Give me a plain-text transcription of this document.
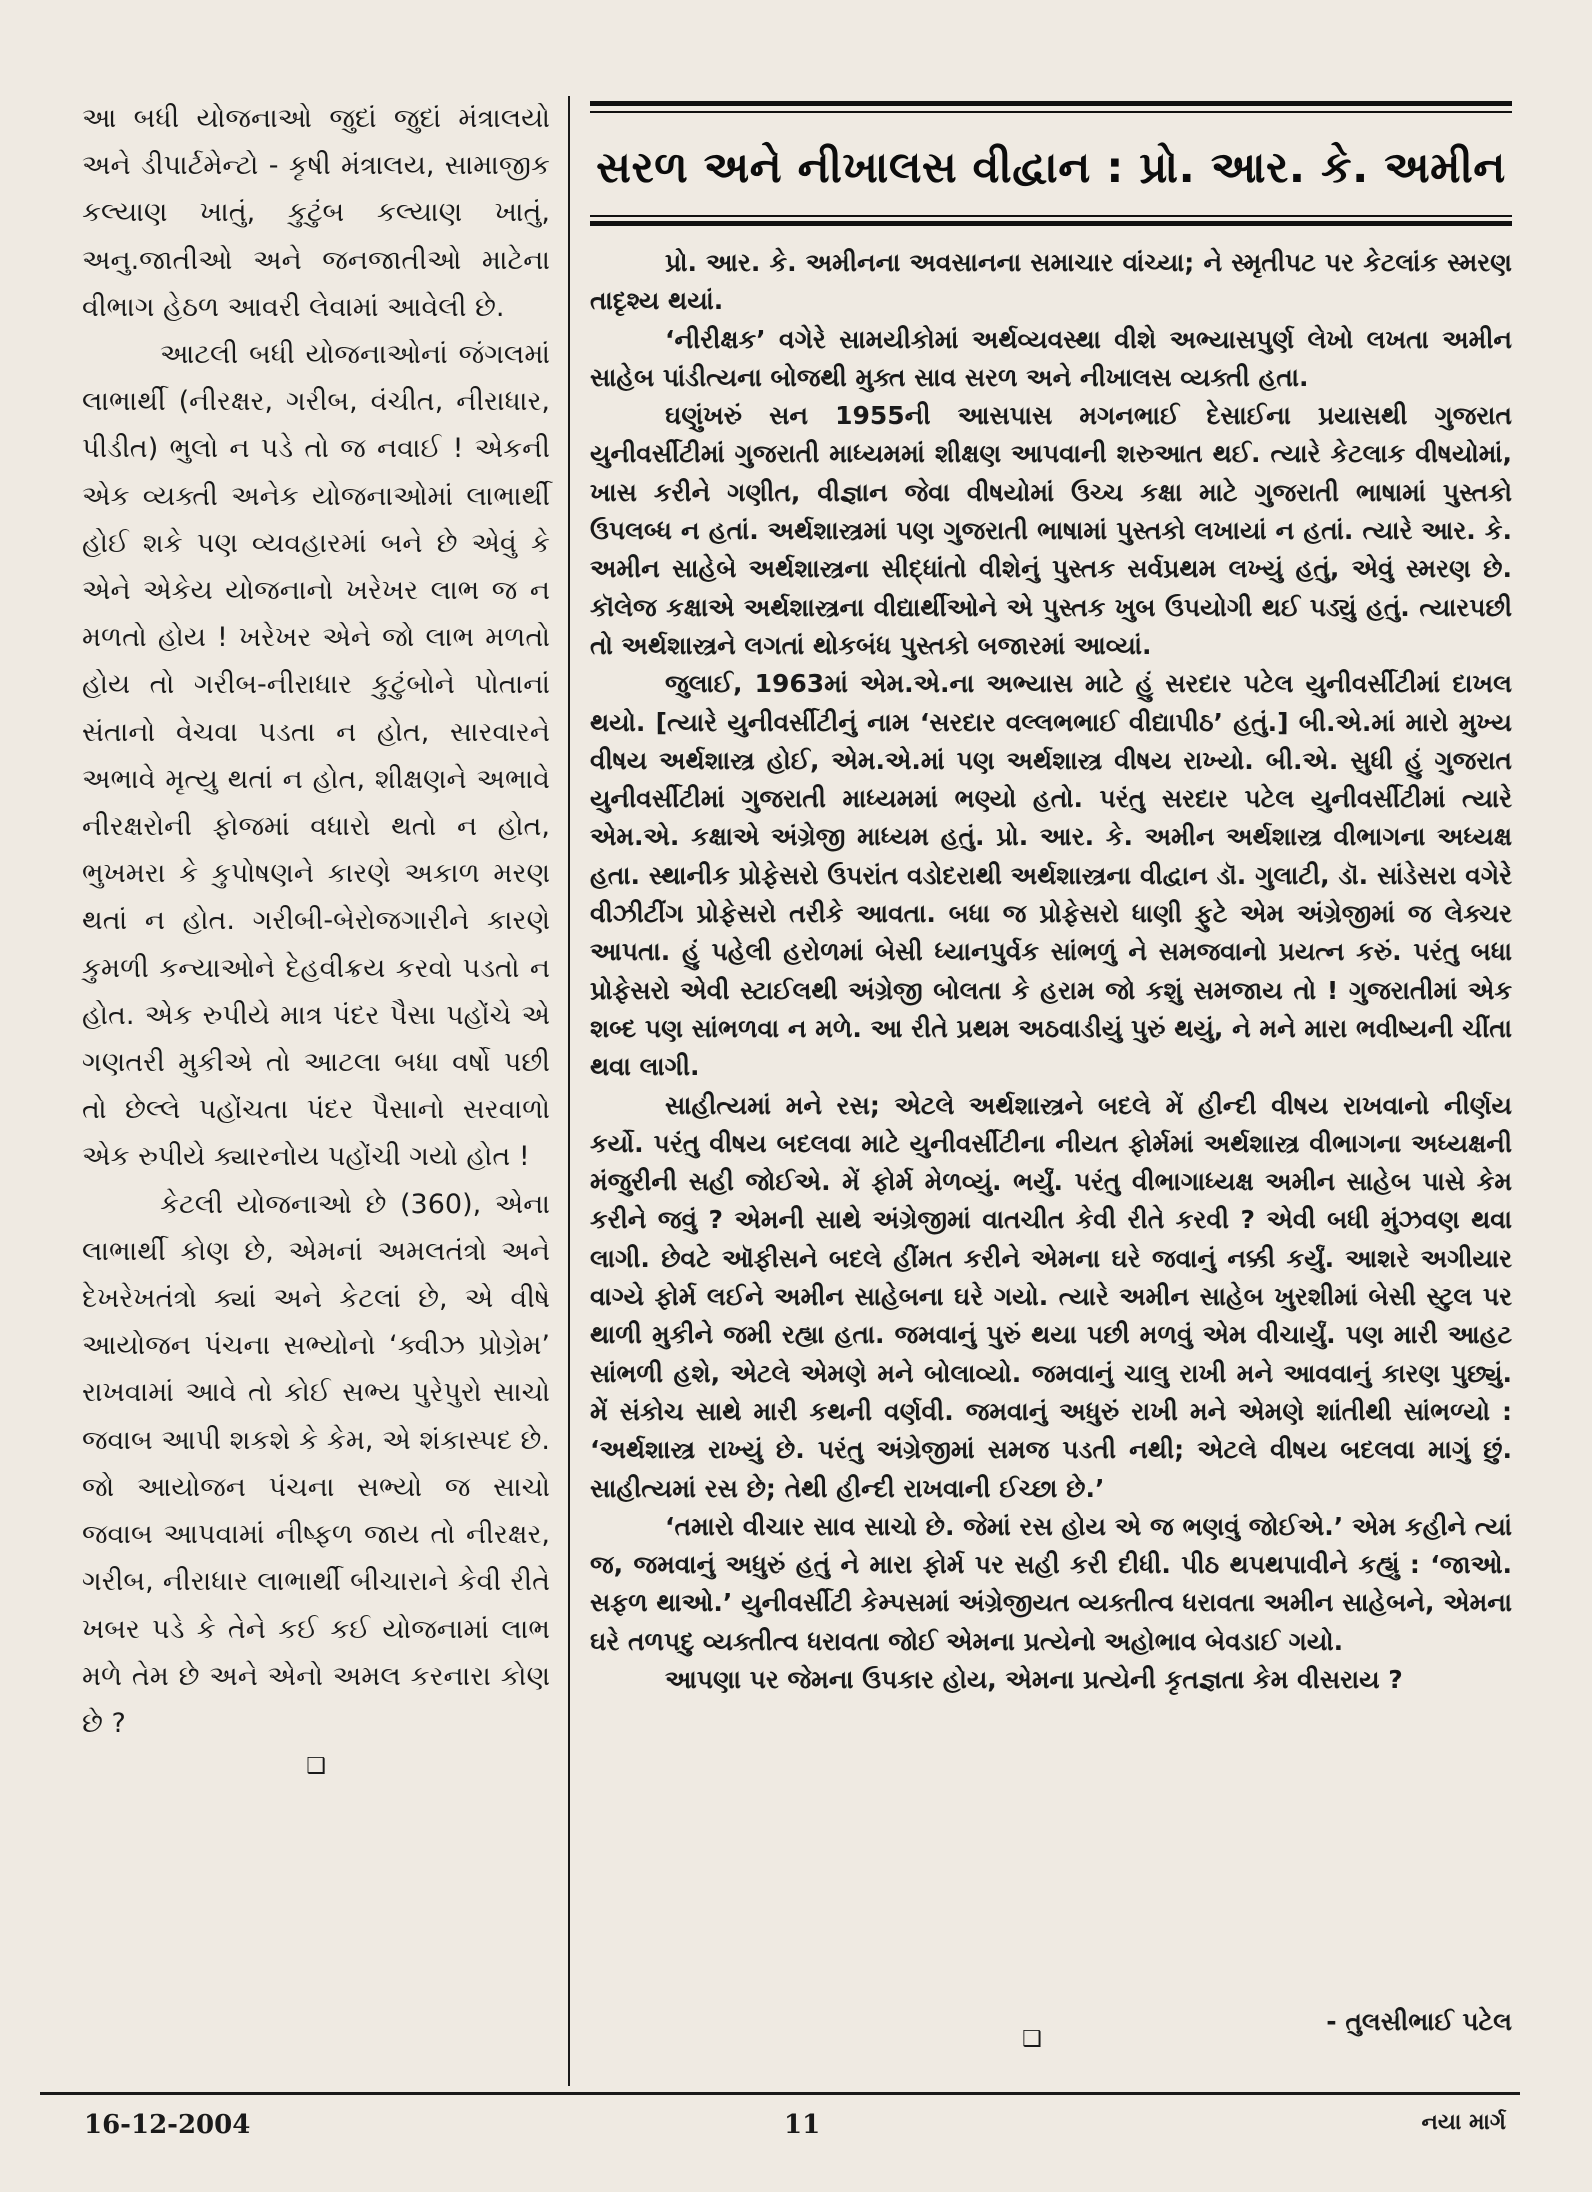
આ બધી યોજનાઓ જુદાં જુદાં મંત્રાલયો અને ડીપાર્ટમેન્ટો - કૃષી મંત્રાલય, સામાજીક કલ્યાણ ખાતું, કુટુંબ કલ્યાણ ખાતું, અનુ.જાતીઓ અને જનજાતીઓ માટેના વીભાગ હેઠળ આવરી લેવામાં આવેલી છે.

આટલી બધી યોજનાઓનાં જંગલમાં લાભાર્થી (નીરક્ષર, ગરીબ, વંચીત, નીરાધાર, પીડીત) ભુલો ન પડે તો જ નવાઈ ! એકની એક વ્યક્તી અનેક યોજનાઓમાં લાભાર્થી હોઈ શકે પણ વ્યવહારમાં બને છે એવું કે એને એકેય યોજનાનો ખરેખર લાભ જ ન મળતો હોય ! ખરેખર એને જો લાભ મળતો હોય તો ગરીબ-નીરાધાર કુટુંબોને પોતાનાં સંતાનો વેચવા પડતા ન હોત, સારવારને અભાવે મૃત્યુ થતાં ન હોત, શીક્ષણને અભાવે નીરક્ષરોની ફોજમાં વધારો થતો ન હોત, ભુખમરા કે કુપોષણને કારણે અકાળ મરણ થતાં ન હોત. ગરીબી-બેરોજગારીને કારણે કુમળી કન્યાઓને દેહવીક્રય કરવો પડતો ન હોત. એક રુપીયે માત્ર પંદર પૈસા પહોંચે એ ગણતરી મુકીએ તો આટલા બધા વર્ષો પછી તો છેલ્લે પહોંચતા પંદર પૈસાનો સરવાળો એક રુપીયે ક્યારનોય પહોંચી ગયો હોત !

કેટલી યોજનાઓ છે (360), એના લાભાર્થી કોણ છે, એમનાં અમલતંત્રો અને દેખરેખતંત્રો ક્યાં અને કેટલાં છે, એ વીષે આયોજન પંચના સભ્યોનો ‘ક્વીઝ પ્રોગ્રેમ’ રાખવામાં આવે તો કોઈ સભ્ય પુરેપુરો સાચો જવાબ આપી શકશે કે કેમ, એ શંકાસ્પદ છે. જો આયોજન પંચના સભ્યો જ સાચો જવાબ આપવામાં નીષ્ફળ જાય તો નીરક્ષર, ગરીબ, નીરાધાર લાભાર્થી બીચારાને કેવી રીતે ખબર પડે કે તેને કઈ કઈ યોજનામાં લાભ મળે તેમ છે અને એનો અમલ કરનારા કોણ છે ?

❑
સરળ અને નીખાલસ વીદ્વાન : પ્રો. આર. કે. અમીન

પ્રો. આર. કે. અમીનના અવસાનના સમાચાર વાંચ્યા; ને સ્મૃતીપટ પર કેટલાંક સ્મરણ તાદૃશ્ય થયાં.

‘નીરીક્ષક’ વગેરે સામયીકોમાં અર્થવ્યવસ્થા વીશે અભ્યાસપુર્ણ લેખો લખતા અમીન સાહેબ પાંડીત્યના બોજથી મુક્ત સાવ સરળ અને નીખાલસ વ્યક્તી હતા.

ઘણુંખરું સન 1955ની આસપાસ મગનભાઈ દેસાઈના પ્રયાસથી ગુજરાત યુનીવર્સીટીમાં ગુજરાતી માધ્યમમાં શીક્ષણ આપવાની શરુઆત થઈ. ત્યારે કેટલાક વીષયોમાં, ખાસ કરીને ગણીત, વીજ્ઞાન જેવા વીષયોમાં ઉચ્ચ કક્ષા માટે ગુજરાતી ભાષામાં પુસ્તકો ઉપલબ્ધ ન હતાં. અર્થશાસ્ત્રમાં પણ ગુજરાતી ભાષામાં પુસ્તકો લખાયાં ન હતાં. ત્યારે આર. કે. અમીન સાહેબે અર્થશાસ્ત્રના સીદ્ધાંતો વીશેનું પુસ્તક સર્વપ્રથમ લખ્યું હતું, એવું સ્મરણ છે. કૉલેજ કક્ષાએ અર્થશાસ્ત્રના વીદ્યાર્થીઓને એ પુસ્તક ખુબ ઉપયોગી થઈ પડ્યું હતું. ત્યારપછી તો અર્થશાસ્ત્રને લગતાં થોકબંધ પુસ્તકો બજારમાં આવ્યાં.

જુલાઈ, 1963માં એમ.એ.ના અભ્યાસ માટે હું સરદાર પટેલ યુનીવર્સીટીમાં દાખલ થયો. [ત્યારે યુનીવર્સીટીનું નામ ‘સરદાર વલ્લભભાઈ વીદ્યાપીઠ’ હતું.] બી.એ.માં મારો મુખ્ય વીષય અર્થશાસ્ત્ર હોઈ, એમ.એ.માં પણ અર્થશાસ્ત્ર વીષય રાખ્યો. બી.એ. સુધી હું ગુજરાત યુનીવર્સીટીમાં ગુજરાતી માધ્યમમાં ભણ્યો હતો. પરંતુ સરદાર પટેલ યુનીવર્સીટીમાં ત્યારે એમ.એ. કક્ષાએ અંગ્રેજી માધ્યમ હતું. પ્રો. આર. કે. અમીન અર્થશાસ્ત્ર વીભાગના અધ્યક્ષ હતા. સ્થાનીક પ્રોફેસરો ઉપરાંત વડોદરાથી અર્થશાસ્ત્રના વીદ્વાન ડૉ. ગુલાટી, ડૉ. સાંડેસરા વગેરે વીઝીટીંગ પ્રોફેસરો તરીકે આવતા. બધા જ પ્રોફેસરો ધાણી ફુટે એમ અંગ્રેજીમાં જ લેક્ચર આપતા. હું પહેલી હરોળમાં બેસી ધ્યાનપુર્વક સાંભળું ને સમજવાનો પ્રયત્ન કરું. પરંતુ બધા પ્રોફેસરો એવી સ્ટાઈલથી અંગ્રેજી બોલતા કે હરામ જો કશું સમજાય તો ! ગુજરાતીમાં એક શબ્દ પણ સાંભળવા ન મળે. આ રીતે પ્રથમ અઠવાડીયું પુરું થયું, ને મને મારા ભવીષ્યની ચીંતા થવા લાગી.

સાહીત્યમાં મને રસ; એટલે અર્થશાસ્ત્રને બદલે મેં હીન્દી વીષય રાખવાનો નીર્ણય કર્યો. પરંતુ વીષય બદલવા માટે યુનીવર્સીટીના નીયત ફોર્મમાં અર્થશાસ્ત્ર વીભાગના અધ્યક્ષની મંજુરીની સહી જોઈએ. મેં ફોર્મ મેળવ્યું. ભર્યું. પરંતુ વીભાગાધ્યક્ષ અમીન સાહેબ પાસે કેમ કરીને જવું ? એમની સાથે અંગ્રેજીમાં વાતચીત કેવી રીતે કરવી ? એવી બધી મુંઝવણ થવા લાગી. છેવટે ઑફીસને બદલે હીંમત કરીને એમના ઘરે જવાનું નક્કી કર્યું. આશરે અગીયાર વાગ્યે ફોર્મ લઈને અમીન સાહેબના ઘરે ગયો. ત્યારે અમીન સાહેબ ખુરશીમાં બેસી સ્ટુલ પર થાળી મુકીને જમી રહ્યા હતા. જમવાનું પુરું થયા પછી મળવું એમ વીચાર્યું. પણ મારી આહટ સાંભળી હશે, એટલે એમણે મને બોલાવ્યો. જમવાનું ચાલુ રાખી મને આવવાનું કારણ પુછ્યું. મેં સંકોચ સાથે મારી કથની વર્ણવી. જમવાનું અધુરું રાખી મને એમણે શાંતીથી સાંભળ્યો : ‘અર્થશાસ્ત્ર રાખ્યું છે. પરંતુ અંગ્રેજીમાં સમજ પડતી નથી; એટલે વીષય બદલવા માગું છું. સાહીત્યમાં રસ છે; તેથી હીન્દી રાખવાની ઈચ્છા છે.’

‘તમારો વીચાર સાવ સાચો છે. જેમાં રસ હોય એ જ ભણવું જોઈએ.’ એમ કહીને ત્યાં જ, જમવાનું અધુરું હતું ને મારા ફોર્મ પર સહી કરી દીધી. પીઠ થપથપાવીને કહ્યું : ‘જાઓ. સફળ થાઓ.’ યુનીવર્સીટી કેમ્પસમાં અંગ્રેજીયત વ્યક્તીત્વ ધરાવતા અમીન સાહેબને, એમના ઘરે તળપદુ વ્યક્તીત્વ ધરાવતા જોઈ એમના પ્રત્યેનો અહોભાવ બેવડાઈ ગયો.

આપણા પર જેમના ઉપકાર હોય, એમના પ્રત્યેની કૃતજ્ઞતા કેમ વીસરાય ?

❑
- તુલસીભાઈ પટેલ
16-12-2004	11	નયા માર્ગ
